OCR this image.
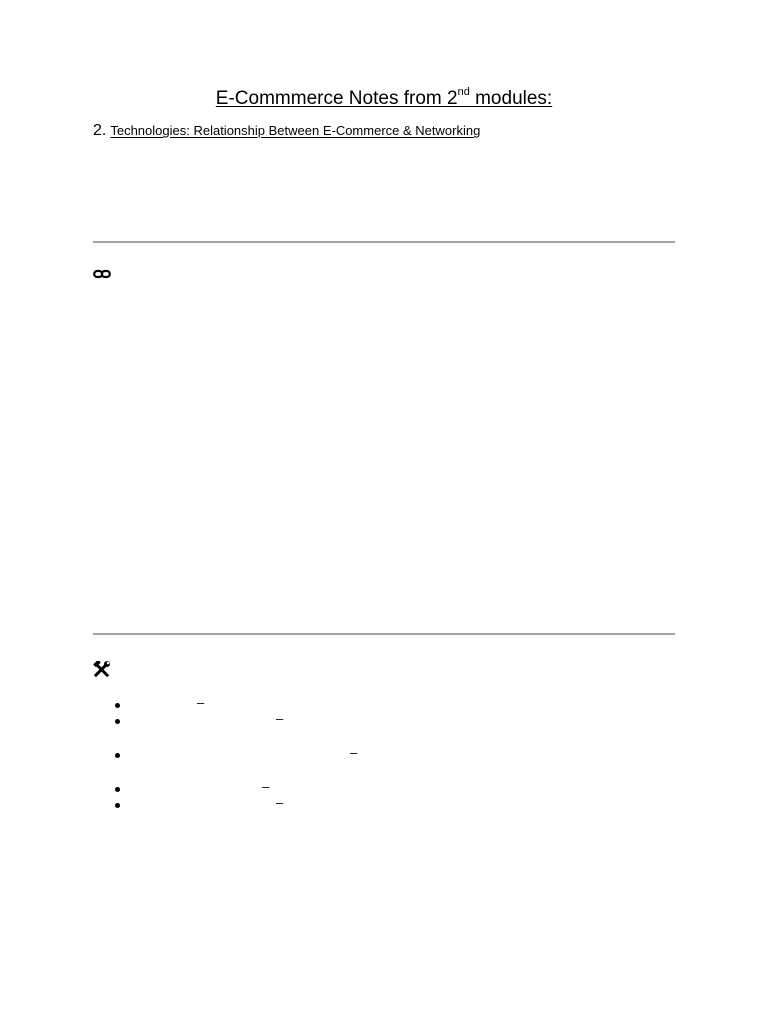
E-Commmerce Notes from 2nd modules:
2. Technologies: Relationship Between E-Commerce & Networking
–
–
–
–
–
